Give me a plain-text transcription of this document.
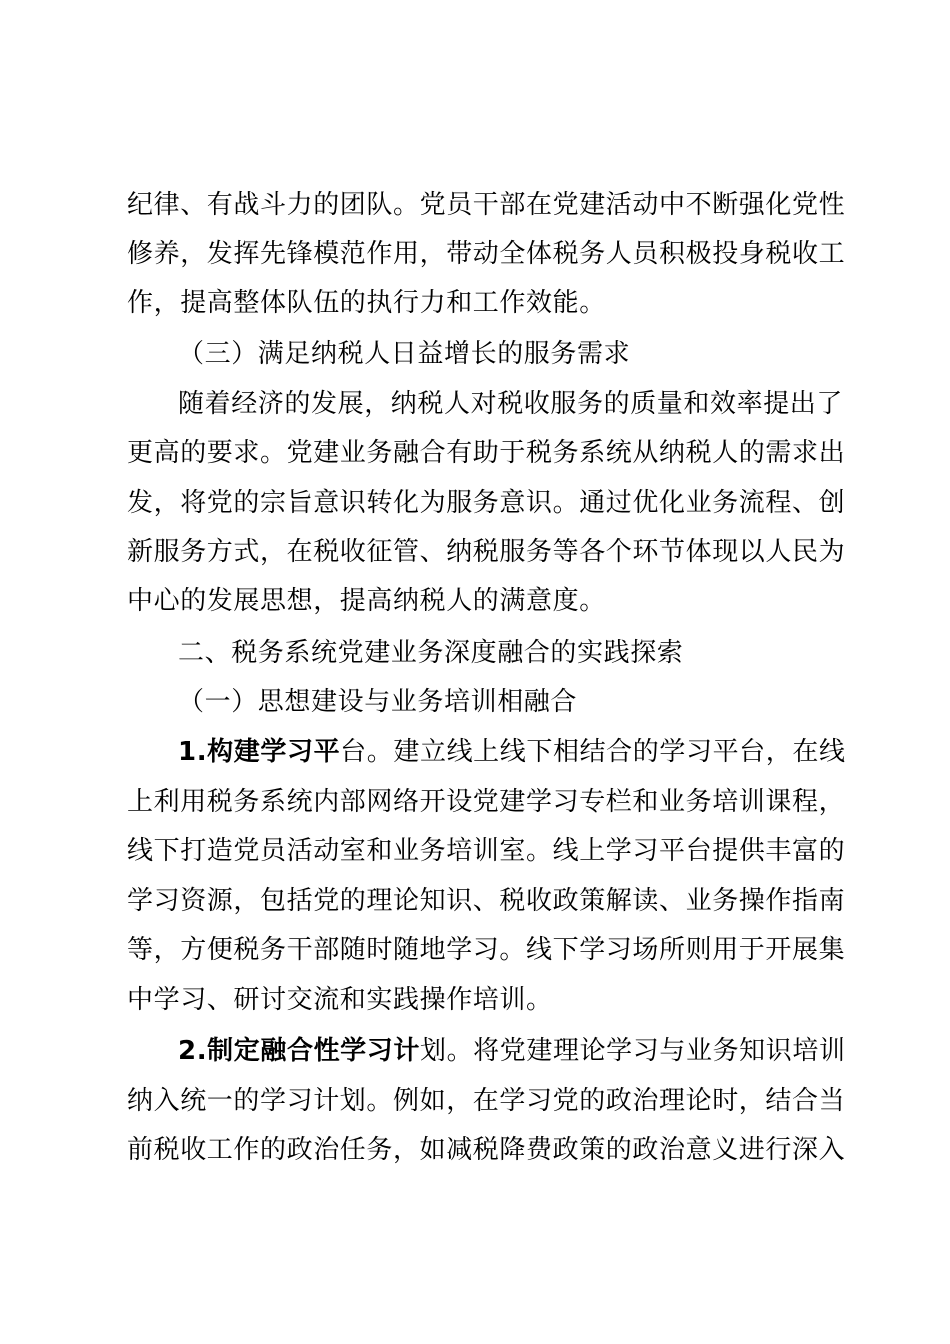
纪律、有战斗力的团队。党员干部在党建活动中不断强化党性
修养，发挥先锋模范作用，带动全体税务人员积极投身税收工
作，提高整体队伍的执行力和工作效能。
（三）满足纳税人日益增长的服务需求
随着经济的发展，纳税人对税收服务的质量和效率提出了
更高的要求。党建业务融合有助于税务系统从纳税人的需求出
发，将党的宗旨意识转化为服务意识。通过优化业务流程、创
新服务方式，在税收征管、纳税服务等各个环节体现以人民为
中心的发展思想，提高纳税人的满意度。
二、税务系统党建业务深度融合的实践探索
（一）思想建设与业务培训相融合
1.构建学习平台。建立线上线下相结合的学习平台，在线
上利用税务系统内部网络开设党建学习专栏和业务培训课程，
线下打造党员活动室和业务培训室。线上学习平台提供丰富的
学习资源，包括党的理论知识、税收政策解读、业务操作指南
等，方便税务干部随时随地学习。线下学习场所则用于开展集
中学习、研讨交流和实践操作培训。
2.制定融合性学习计划。将党建理论学习与业务知识培训
纳入统一的学习计划。例如，在学习党的政治理论时，结合当
前税收工作的政治任务，如减税降费政策的政治意义进行深入
